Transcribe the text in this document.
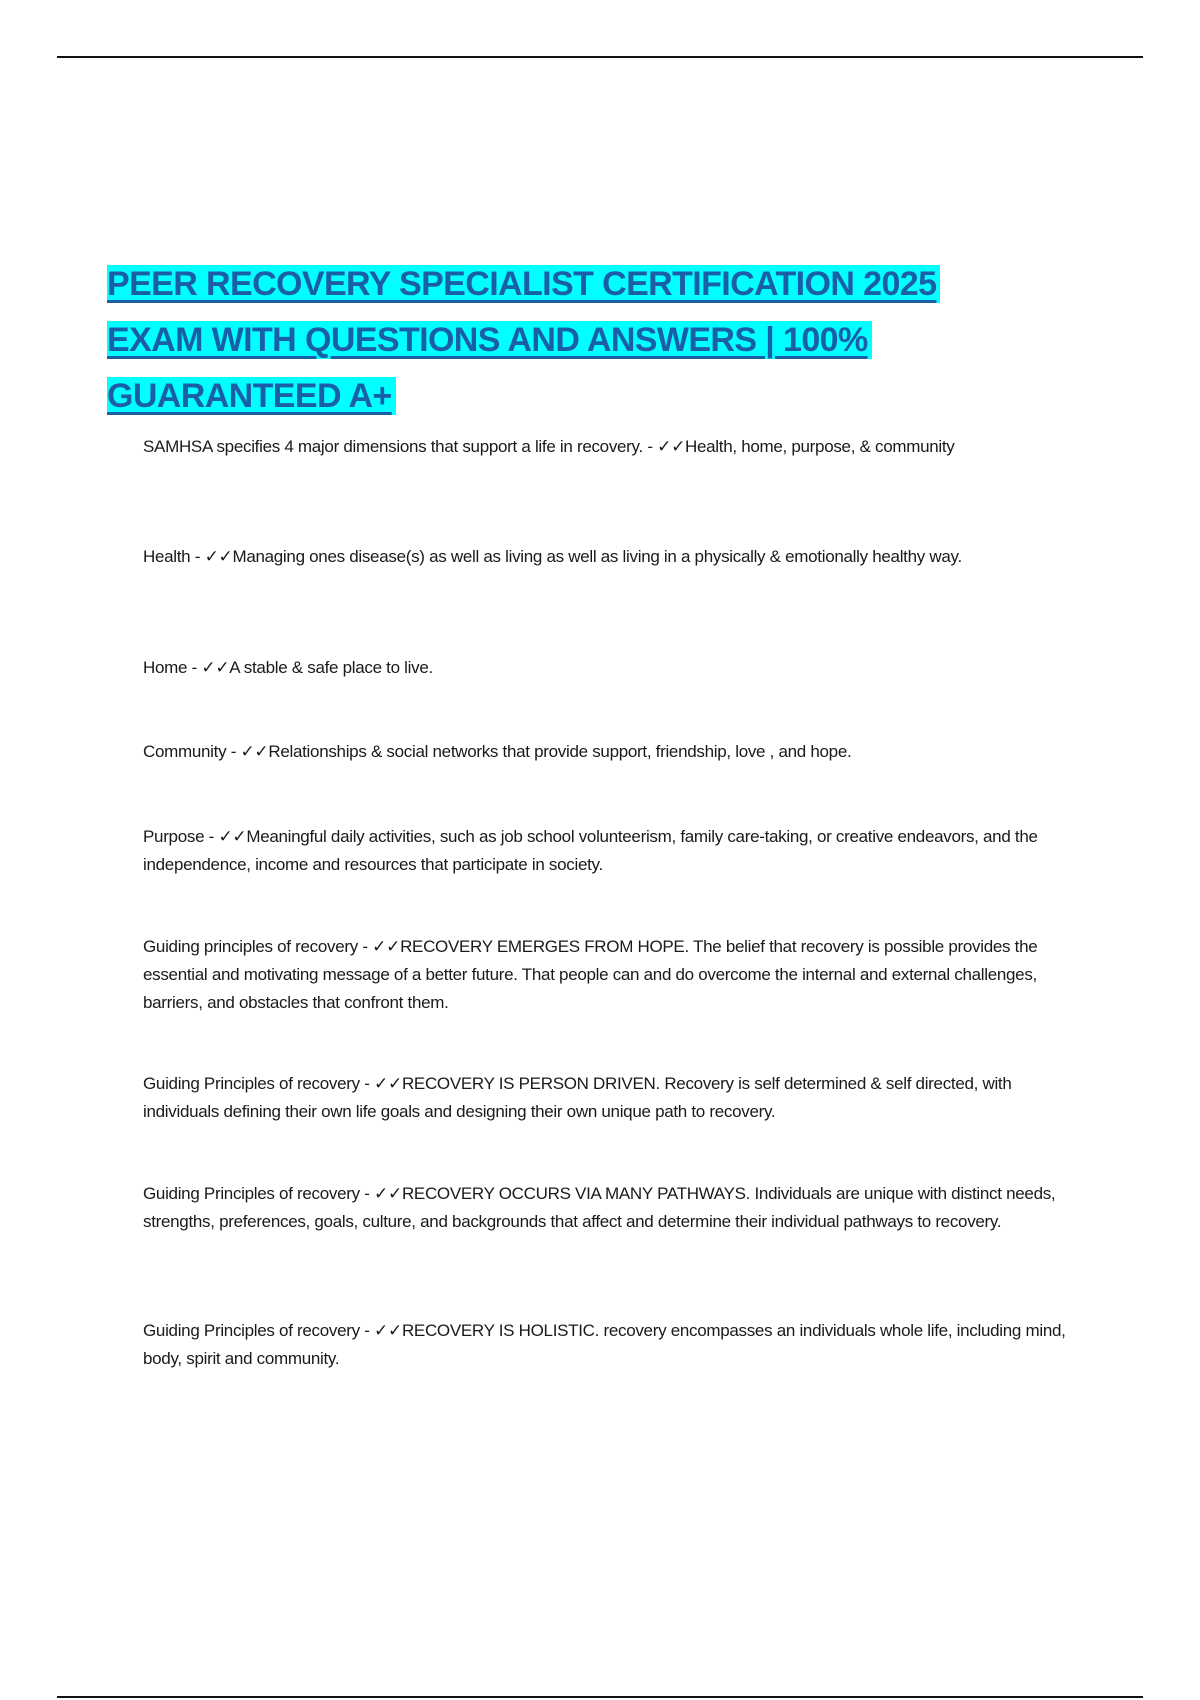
PEER RECOVERY SPECIALIST CERTIFICATION 2025 EXAM WITH QUESTIONS AND ANSWERS | 100% GUARANTEED A+

SAMHSA specifies 4 major dimensions that support a life in recovery. - ✓✓Health, home, purpose, & community

Health - ✓✓Managing ones disease(s) as well as living as well as living in a physically & emotionally healthy way.

Home - ✓✓A stable & safe place to live.

Community - ✓✓Relationships & social networks that provide support, friendship, love , and hope.

Purpose - ✓✓Meaningful daily activities, such as job school volunteerism, family care-taking, or creative endeavors, and the independence, income and resources that participate in society.

Guiding principles of recovery - ✓✓RECOVERY EMERGES FROM HOPE. The belief that recovery is possible provides the essential and motivating message of a better future. That people can and do overcome the internal and external challenges, barriers, and obstacles that confront them.

Guiding Principles of recovery - ✓✓RECOVERY IS PERSON DRIVEN. Recovery is self determined & self directed, with individuals defining their own life goals and designing their own unique path to recovery.

Guiding Principles of recovery - ✓✓RECOVERY OCCURS VIA MANY PATHWAYS. Individuals are unique with distinct needs, strengths, preferences, goals, culture, and backgrounds that affect and determine their individual pathways to recovery.

Guiding Principles of recovery - ✓✓RECOVERY IS HOLISTIC. recovery encompasses an individuals whole life, including mind, body, spirit and community.
